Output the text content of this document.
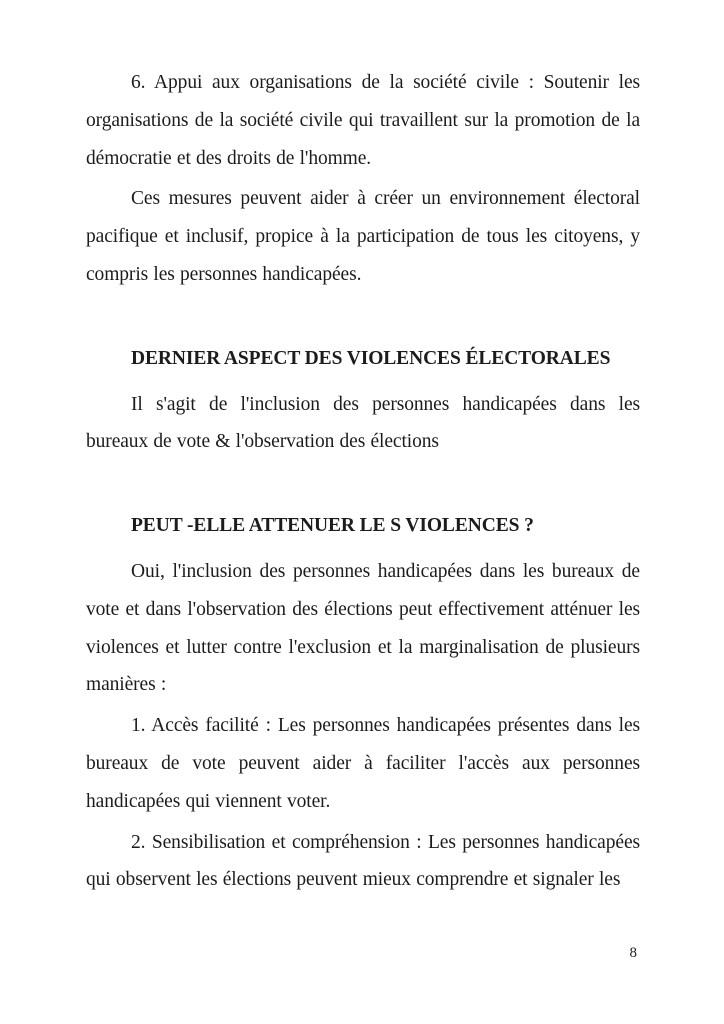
6. Appui aux organisations de la société civile : Soutenir les organisations de la société civile qui travaillent sur la promotion de la démocratie et des droits de l'homme.

Ces mesures peuvent aider à créer un environnement électoral pacifique et inclusif, propice à la participation de tous les citoyens, y compris les personnes handicapées.

DERNIER ASPECT DES VIOLENCES ÉLECTORALES

Il s'agit de l'inclusion des personnes handicapées dans les bureaux de vote & l'observation des élections

PEUT -ELLE ATTENUER LE S VIOLENCES ?

Oui, l'inclusion des personnes handicapées dans les bureaux de vote et dans l'observation des élections peut effectivement atténuer les violences et lutter contre l'exclusion et la marginalisation de plusieurs manières :

1. Accès facilité : Les personnes handicapées présentes dans les bureaux de vote peuvent aider à faciliter l'accès aux personnes handicapées qui viennent voter.

2. Sensibilisation et compréhension : Les personnes handicapées qui observent les élections peuvent mieux comprendre et signaler les

8
